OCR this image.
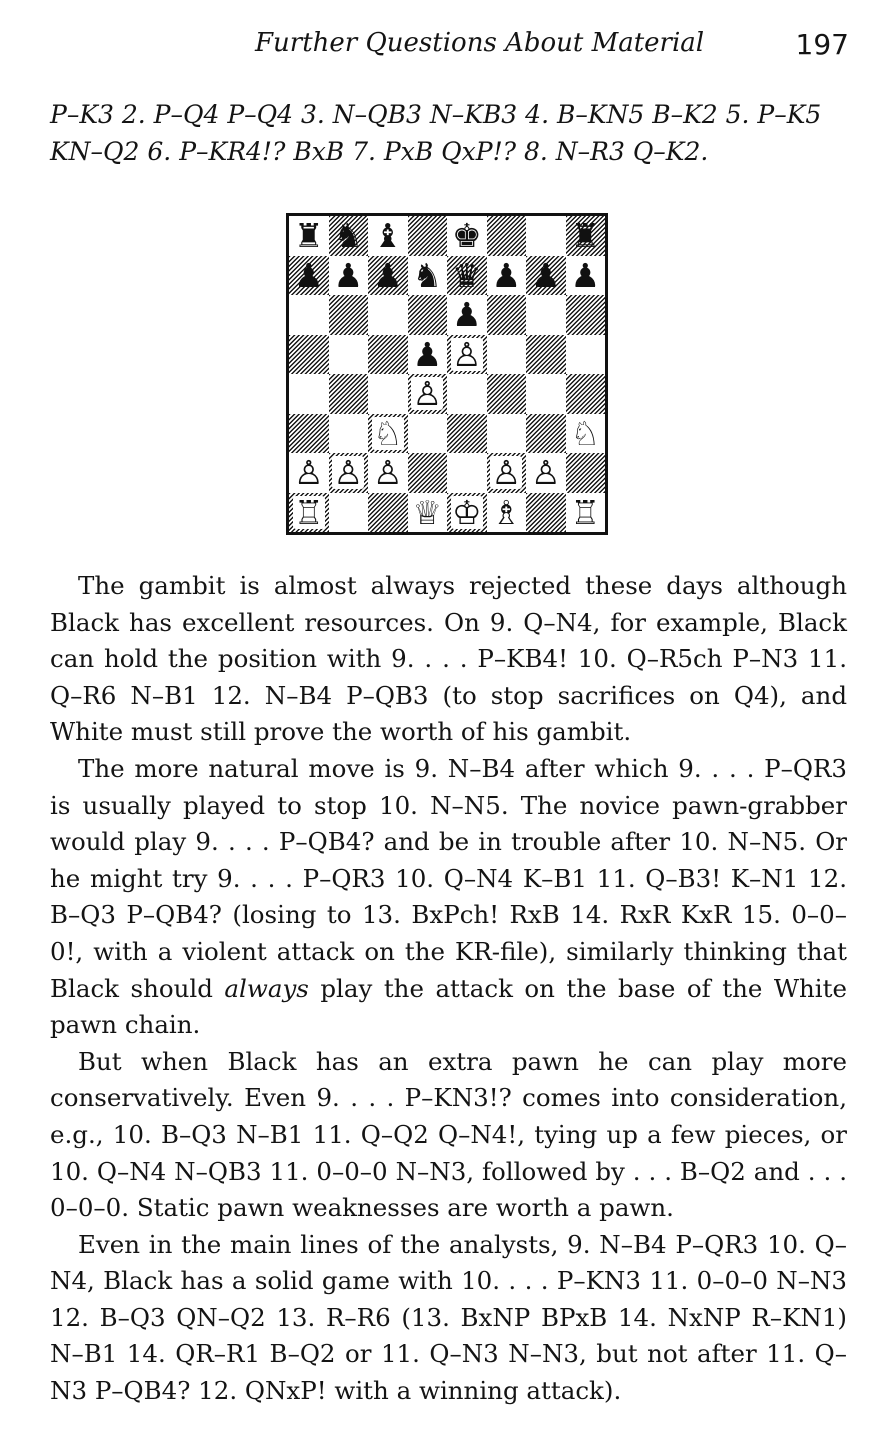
Further Questions About Material	197
P–K3 2. P–Q4 P–Q4 3. N–QB3 N–KB3 4. B–KN5 B–K2 5. P–K5
KN–Q2 6. P–KR4!? BxB 7. PxB QxP!? 8. N–R3 Q–K2.
♜ ♞ ♝ ♚	♜
♟ ♟ ♟ ♞ ♛ ♟ ♟ ♟
♟
♟ ♙
♙
♘	♘
♙ ♙ ♙	♙ ♙
♖	♕ ♔ ♗ ♖

The gambit is almost always rejected these days although Black has excellent resources. On 9. Q–N4, for example, Black can hold the position with 9. . . . P–KB4! 10. Q–R5ch P–N3 11. Q–R6 N–B1 12. N–B4 P–QB3 (to stop sacrifices on Q4), and White must still prove the worth of his gambit.

The more natural move is 9. N–B4 after which 9. . . . P–QR3 is usually played to stop 10. N–N5. The novice pawn-grabber would play 9. . . . P–QB4? and be in trouble after 10. N–N5. Or he might try 9. . . . P–QR3 10. Q–N4 K–B1 11. Q–B3! K–N1 12. B–Q3 P–QB4? (losing to 13. BxPch! RxB 14. RxR KxR 15. 0–0–0!, with a violent attack on the KR-file), similarly thinking that Black should always play the attack on the base of the White pawn chain.

But when Black has an extra pawn he can play more conservatively. Even 9. . . . P–KN3!? comes into consideration, e.g., 10. B–Q3 N–B1 11. Q–Q2 Q–N4!, tying up a few pieces, or 10. Q–N4 N–QB3 11. 0–0–0 N–N3, followed by . . . B–Q2 and . . . 0–0–0. Static pawn weaknesses are worth a pawn.

Even in the main lines of the analysts, 9. N–B4 P–QR3 10. Q–N4, Black has a solid game with 10. . . . P–KN3 11. 0–0–0 N–N3 12. B–Q3 QN–Q2 13. R–R6 (13. BxNP BPxB 14. NxNP R–KN1) N–B1 14. QR–R1 B–Q2 or 11. Q–N3 N–N3, but not after 11. Q–N3 P–QB4? 12. QNxP! with a winning attack).
